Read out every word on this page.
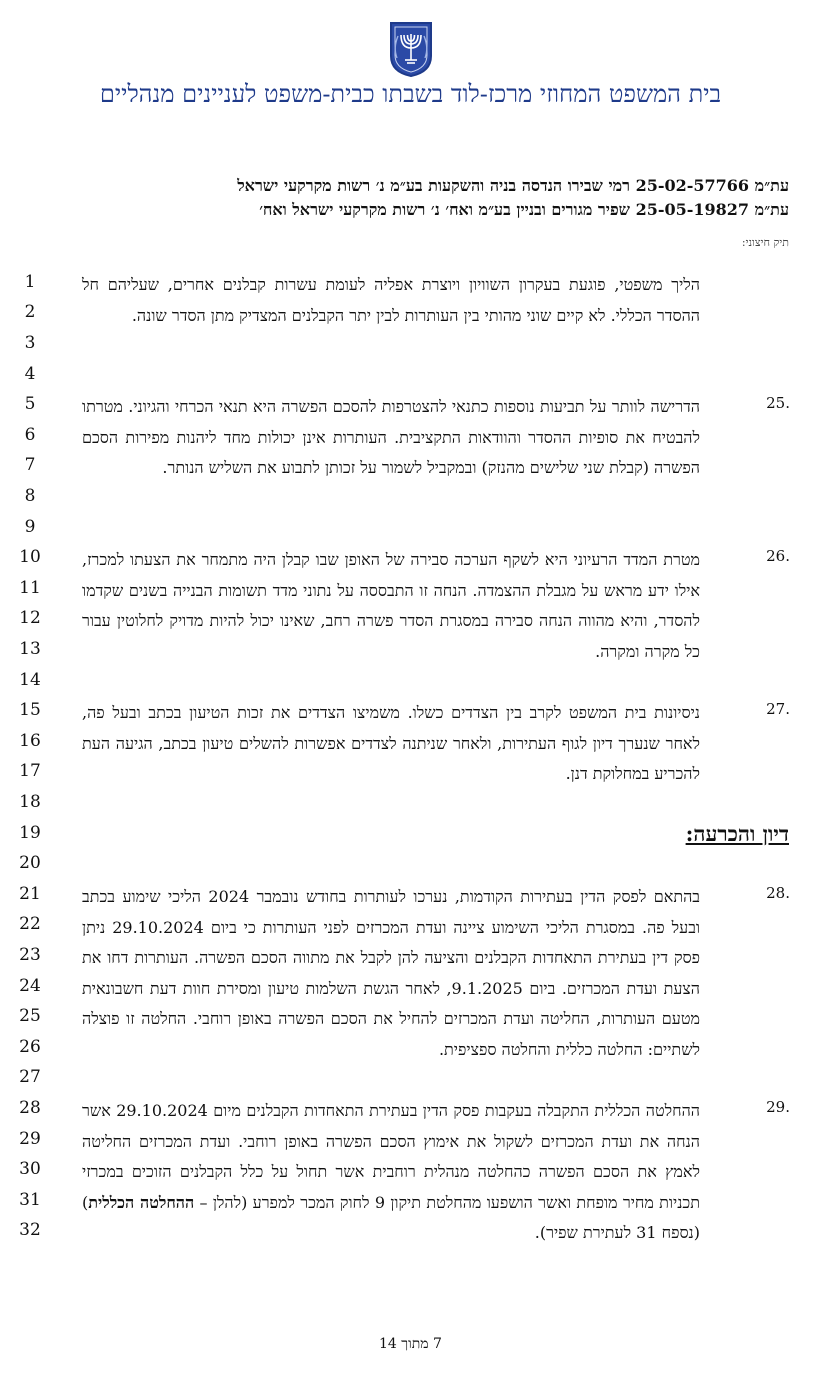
בית המשפט המחוזי מרכז-לוד בשבתו כבית-משפט לעניינים מנהליים
עת״מ 25-02-57766 רמי שבירו הנדסה בניה והשקעות בע״מ נ׳ רשות מקרקעי ישראל
עת״מ 25-05-19827 שפיר מגורים ובניין בע״מ ואח׳ נ׳ רשות מקרקעי ישראל ואח׳
תיק חיצוני:
1
2
3
4
5
6
7
8
9
10
11
12
13
14
15
16
17
18
19
20
21
22
23
24
25
26
27
28
29
30
31
32
הליך משפטי, פוגעת בעקרון השוויון ויוצרת אפליה לעומת עשרות קבלנים אחרים, שעליהם חל ההסדר הכללי. לא קיים שוני מהותי בין העותרות לבין יתר הקבלנים המצדיק מתן הסדר שונה.
25.
הדרישה לוותר על תביעות נוספות כתנאי להצטרפות להסכם הפשרה היא תנאי הכרחי והגיוני. מטרתו להבטיח את סופיות ההסדר והוודאות התקציבית. העותרות אינן יכולות מחד ליהנות מפירות הסכם הפשרה (קבלת שני שלישים מהנזק) ובמקביל לשמור על זכותן לתבוע את השליש הנותר.
26.
מטרת המדד הרעיוני היא לשקף הערכה סבירה של האופן שבו קבלן היה מתמחר את הצעתו למכרז, אילו ידע מראש על מגבלת ההצמדה. הנחה זו התבססה על נתוני מדד תשומות הבנייה בשנים שקדמו להסדר, והיא מהווה הנחה סבירה במסגרת הסדר פשרה רחב, שאינו יכול להיות מדויק לחלוטין עבור כל מקרה ומקרה.
27.
ניסיונות בית המשפט לקרב בין הצדדים כשלו. משמיצו הצדדים את זכות הטיעון בכתב ובעל פה, לאחר שנערך דיון לגוף העתירות, ולאחר שניתנה לצדדים אפשרות להשלים טיעון בכתב, הגיעה העת להכריע במחלוקת דנן.
דיון והכרעה:
28.
בהתאם לפסק הדין בעתירות הקודמות, נערכו לעותרות בחודש נובמבר 2024 הליכי שימוע בכתב ובעל פה. במסגרת הליכי השימוע ציינה ועדת המכרזים לפני העותרות כי ביום 29.10.2024 ניתן פסק דין בעתירת התאחדות הקבלנים והציעה להן לקבל את מתווה הסכם הפשרה. העותרות דחו את הצעת ועדת המכרזים. ביום 9.1.2025, לאחר הגשת השלמות טיעון ומסירת חוות דעת חשבונאית מטעם העותרות, החליטה ועדת המכרזים להחיל את הסכם הפשרה באופן רוחבי. החלטה זו פוצלה לשתיים: החלטה כללית והחלטה ספציפית.
29.
ההחלטה הכללית התקבלה בעקבות פסק הדין בעתירת התאחדות הקבלנים מיום 29.10.2024 אשר הנחה את ועדת המכרזים לשקול את אימוץ הסכם הפשרה באופן רוחבי. ועדת המכרזים החליטה לאמץ את הסכם הפשרה כהחלטה מנהלית רוחבית אשר תחול על כלל הקבלנים הזוכים במכרזי תכניות מחיר מופחת ואשר הושפעו מהחלטת תיקון 9 לחוק המכר למפרע (להלן – ההחלטה הכללית) (נספח 31 לעתירת שפיר).
7 מתוך 14
